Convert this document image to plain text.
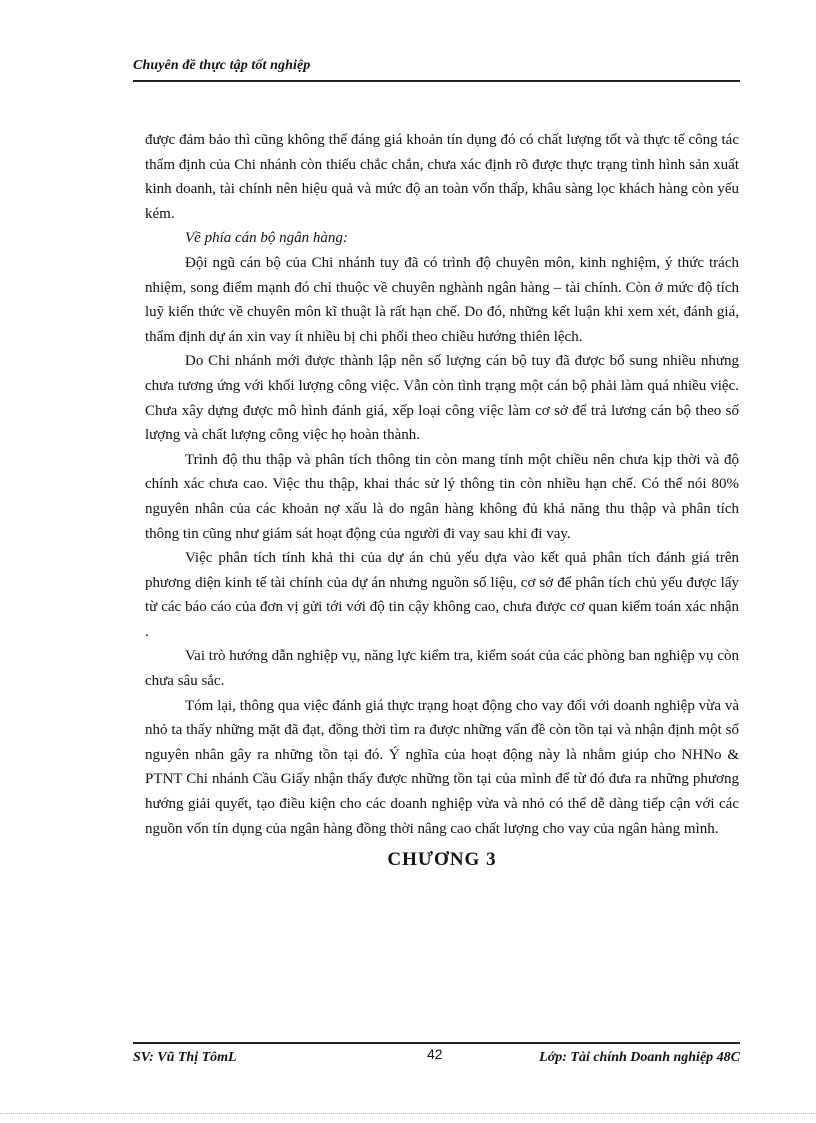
Chuyên đề thực tập tốt nghiệp

được đảm bảo thì cũng không thể đáng giá khoản tín dụng đó có chất lượng tốt và thực tế công tác thẩm định của Chi nhánh còn thiếu chắc chắn, chưa xác định rõ được thực trạng tình hình sản xuất kinh doanh, tài chính nên hiệu quả và mức độ an toàn vốn thấp, khâu sàng lọc khách hàng còn yếu kém.

Về phía cán bộ ngân hàng:

Đội ngũ cán bộ của Chi nhánh tuy đã có trình độ chuyên môn, kinh nghiệm, ý thức trách nhiệm, song điểm mạnh đó chỉ thuộc về chuyên nghành ngân hàng – tài chính. Còn ở mức độ tích luỹ kiến thức về chuyên môn kĩ thuật là rất hạn chế. Do đó, những kết luận khi xem xét, đánh giá, thẩm định dự án xin vay ít nhiều bị chi phối theo chiều hướng thiên lệch.

Do Chi nhánh mới được thành lập nên số lượng cán bộ tuy đã được bổ sung nhiều nhưng chưa tương ứng với khối lượng công việc. Vẫn còn tình trạng một cán bộ phải làm quá nhiều việc. Chưa xây dựng được mô hình đánh giá, xếp loại công việc làm cơ sở để trả lương cán bộ theo số lượng và chất lượng công việc họ hoàn thành.

Trình độ thu thập và phân tích thông tin còn mang tính một chiều nên chưa kịp thời và độ chính xác chưa cao. Việc thu thập, khai thác sử lý thông tin còn nhiều hạn chế. Có thể nói 80% nguyên nhân của các khoản nợ xấu là do ngân hàng không đủ khả năng thu thập và phân tích thông tin cũng như giám sát hoạt động của người đi vay sau khi đi vay.

Việc phân tích tính khả thi của dự án chủ yếu dựa vào kết quả phân tích đánh giá trên phương diện kinh tế tài chính của dự án nhưng nguồn số liệu, cơ sở để phân tích chủ yếu được lấy từ các báo cáo của đơn vị gửi tới với độ tin cậy không cao, chưa được cơ quan kiểm toán xác nhận .

Vai trò hướng dẫn nghiệp vụ, năng lực kiểm tra, kiểm soát của các phòng ban nghiệp vụ còn chưa sâu sắc.

Tóm lại, thông qua việc đánh giá thực trạng hoạt động cho vay đối với doanh nghiệp vừa và nhỏ ta thấy những mặt đã đạt, đồng thời tìm ra được những vấn đề còn tồn tại và nhận định một số nguyên nhân gây ra những tồn tại đó. Ý nghĩa của hoạt động này là nhằm giúp cho NHNo & PTNT Chi nhánh Cầu Giấy nhận thấy được những tồn tại của mình để từ đó đưa ra những phương hướng giải quyết, tạo điều kiện cho các doanh nghiệp vừa và nhỏ có thể dễ dàng tiếp cận với các nguồn vốn tín dụng của ngân hàng đồng thời nâng cao chất lượng cho vay của ngân hàng mình.

CHƯƠNG 3
SV: Vũ Thị TômL	42	Lớp: Tài chính Doanh nghiệp 48C
